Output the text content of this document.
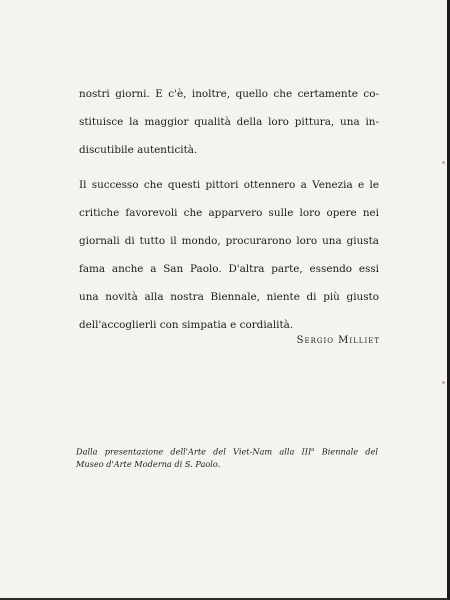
nostri giorni. E c'è, inoltre, quello che certamente co-
stituisce la maggior qualità della loro pittura, una in-
discutibile autenticità.

Il successo che questi pittori ottennero a Venezia e le
critiche favorevoli che apparvero sulle loro opere nei
giornali di tutto il mondo, procurarono loro una giusta
fama anche a San Paolo. D'altra parte, essendo essi
una novità alla nostra Biennale, niente di più giusto
dell'accoglierli con simpatia e cordialità.

Sergio Milliet
Dalla presentazione dell'Arte del Viet-Nam alla III$^a$ Biennale del
Museo d'Arte Moderna di S. Paolo.
